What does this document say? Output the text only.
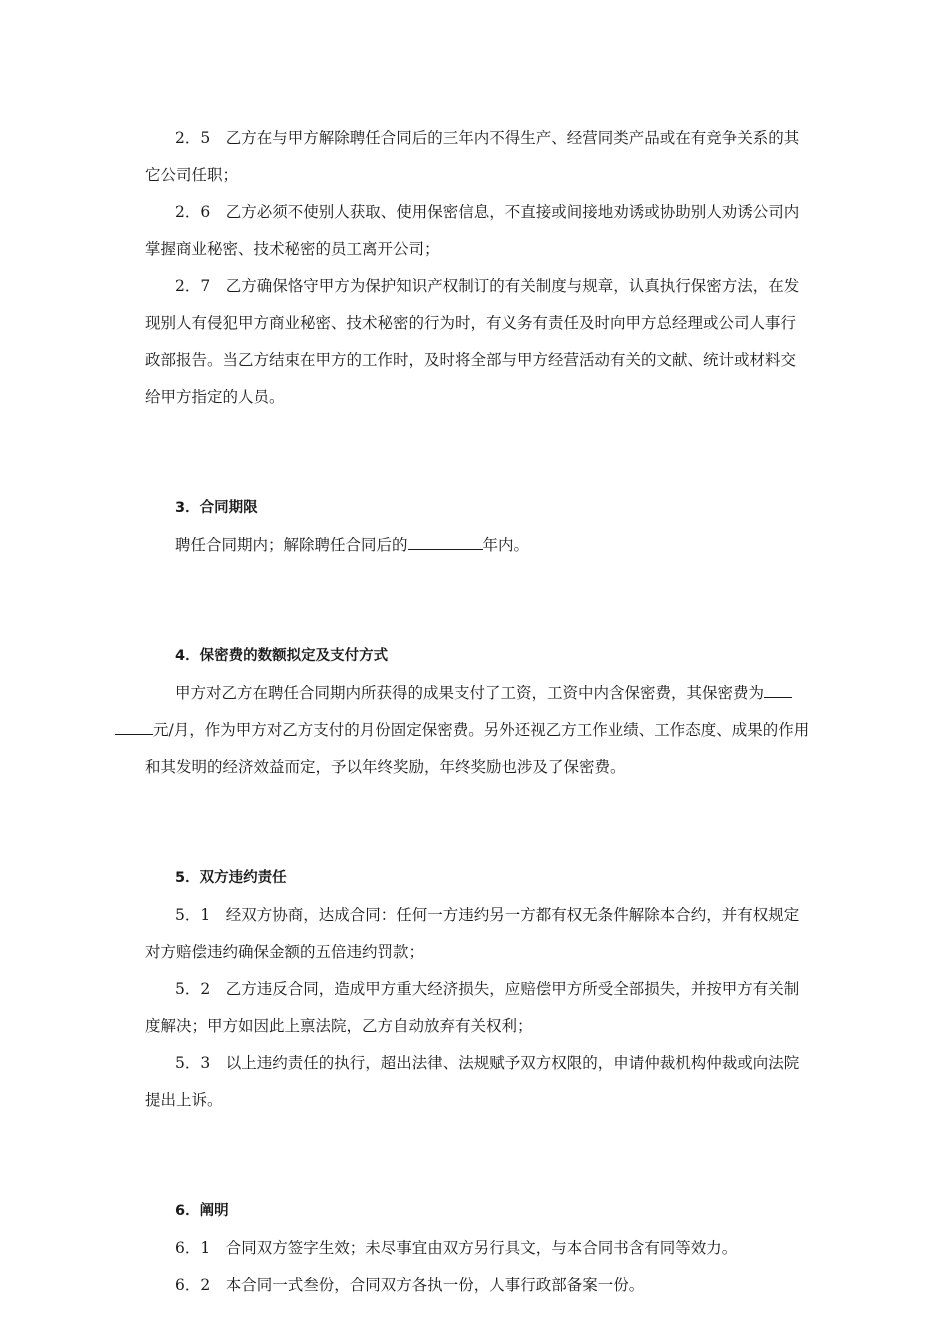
2．5　 乙方在与甲方解除聘任合同后的三年内不得生产、经营同类产品或在有竞争关系的其它公司任职；

2．6　 乙方必须不使别人获取、使用保密信息，不直接或间接地劝诱或协助别人劝诱公司内掌握商业秘密、技术秘密的员工离开公司；

2．7　 乙方确保恪守甲方为保护知识产权制订的有关制度与规章，认真执行保密方法，在发现别人有侵犯甲方商业秘密、技术秘密的行为时，有义务有责任及时向甲方总经理或公司人事行政部报告。当乙方结束在甲方的工作时，及时将全部与甲方经营活动有关的文献、统计或材料交给甲方指定的人员。

3．合同期限

聘任合同期内；解除聘任合同后的	年内。

4．保密费的数额拟定及支付方式

甲方对乙方在聘任合同期内所获得的成果支付了工资，工资中内含保密费，其保密费为
元/月，作为甲方对乙方支付的月份固定保密费。另外还视乙方工作业绩、工作态度、成果的作用和其发明的经济效益而定，予以年终奖励，年终奖励也涉及了保密费。

5．双方违约责任

5．1　 经双方协商，达成合同：任何一方违约另一方都有权无条件解除本合约，并有权规定对方赔偿违约确保金额的五倍违约罚款；

5．2　 乙方违反合同，造成甲方重大经济损失，应赔偿甲方所受全部损失，并按甲方有关制度解决；甲方如因此上禀法院，乙方自动放弃有关权利；

5．3　 以上违约责任的执行，超出法律、法规赋予双方权限的，申请仲裁机构仲裁或向法院提出上诉。

6．阐明

6．1　 合同双方签字生效；未尽事宜由双方另行具文，与本合同书含有同等效力。

6．2　 本合同一式叁份，合同双方各执一份，人事行政部备案一份。
